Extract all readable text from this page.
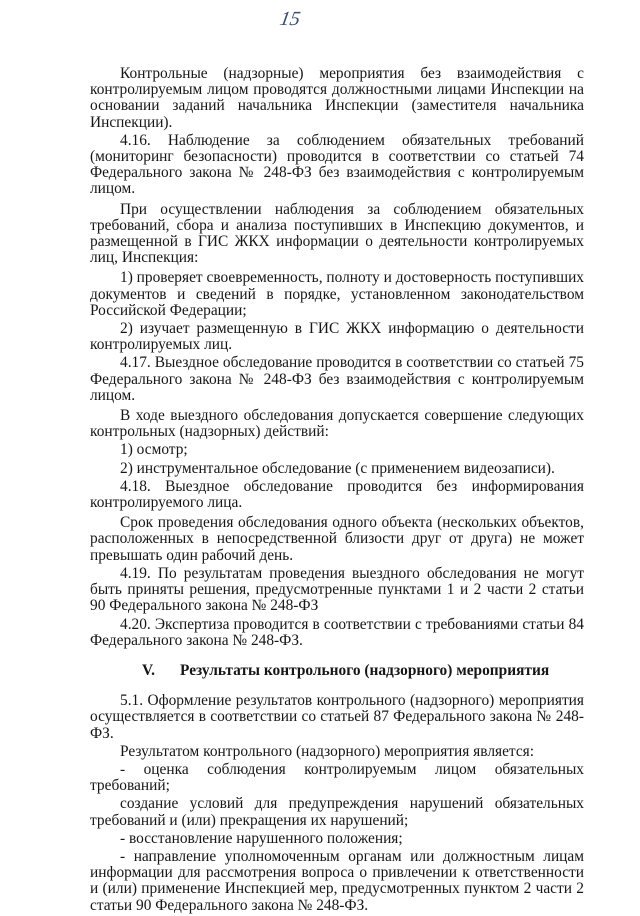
15

Контрольные (надзорные) мероприятия без взаимодействия с контролируемым лицом проводятся должностными лицами Инспекции на основании заданий начальника Инспекции (заместителя начальника Инспекции).

4.16. Наблюдение за соблюдением обязательных требований (мониторинг безопасности) проводится в соответствии со статьей 74 Федерального закона № 248-ФЗ без взаимодействия с контролируемым лицом.

При осуществлении наблюдения за соблюдением обязательных требований, сбора и анализа поступивших в Инспекцию документов, и размещенной в ГИС ЖКХ информации о деятельности контролируемых лиц, Инспекция:

1) проверяет своевременность, полноту и достоверность поступивших документов и сведений в порядке, установленном законодательством Российской Федерации;

2) изучает размещенную в ГИС ЖКХ информацию о деятельности контролируемых лиц.

4.17. Выездное обследование проводится в соответствии со статьей 75 Федерального закона № 248-ФЗ без взаимодействия с контролируемым лицом.

В ходе выездного обследования допускается совершение следующих контрольных (надзорных) действий:

1) осмотр;

2) инструментальное обследование (с применением видеозаписи).

4.18. Выездное обследование проводится без информирования контролируемого лица.

Срок проведения обследования одного объекта (нескольких объектов, расположенных в непосредственной близости друг от друга) не может превышать один рабочий день.

4.19. По результатам проведения выездного обследования не могут быть приняты решения, предусмотренные пунктами 1 и 2 части 2 статьи 90 Федерального закона № 248-ФЗ

4.20. Экспертиза проводится в соответствии с требованиями статьи 84 Федерального закона № 248-ФЗ.

V. Результаты контрольного (надзорного) мероприятия

5.1. Оформление результатов контрольного (надзорного) мероприятия осуществляется в соответствии со статьей 87 Федерального закона № 248-ФЗ.

Результатом контрольного (надзорного) мероприятия является:

- оценка соблюдения контролируемым лицом обязательных требований;

создание условий для предупреждения нарушений обязательных требований и (или) прекращения их нарушений;

- восстановление нарушенного положения;

- направление уполномоченным органам или должностным лицам информации для рассмотрения вопроса о привлечении к ответственности и (или) применение Инспекцией мер, предусмотренных пунктом 2 части 2 статьи 90 Федерального закона № 248-ФЗ.
